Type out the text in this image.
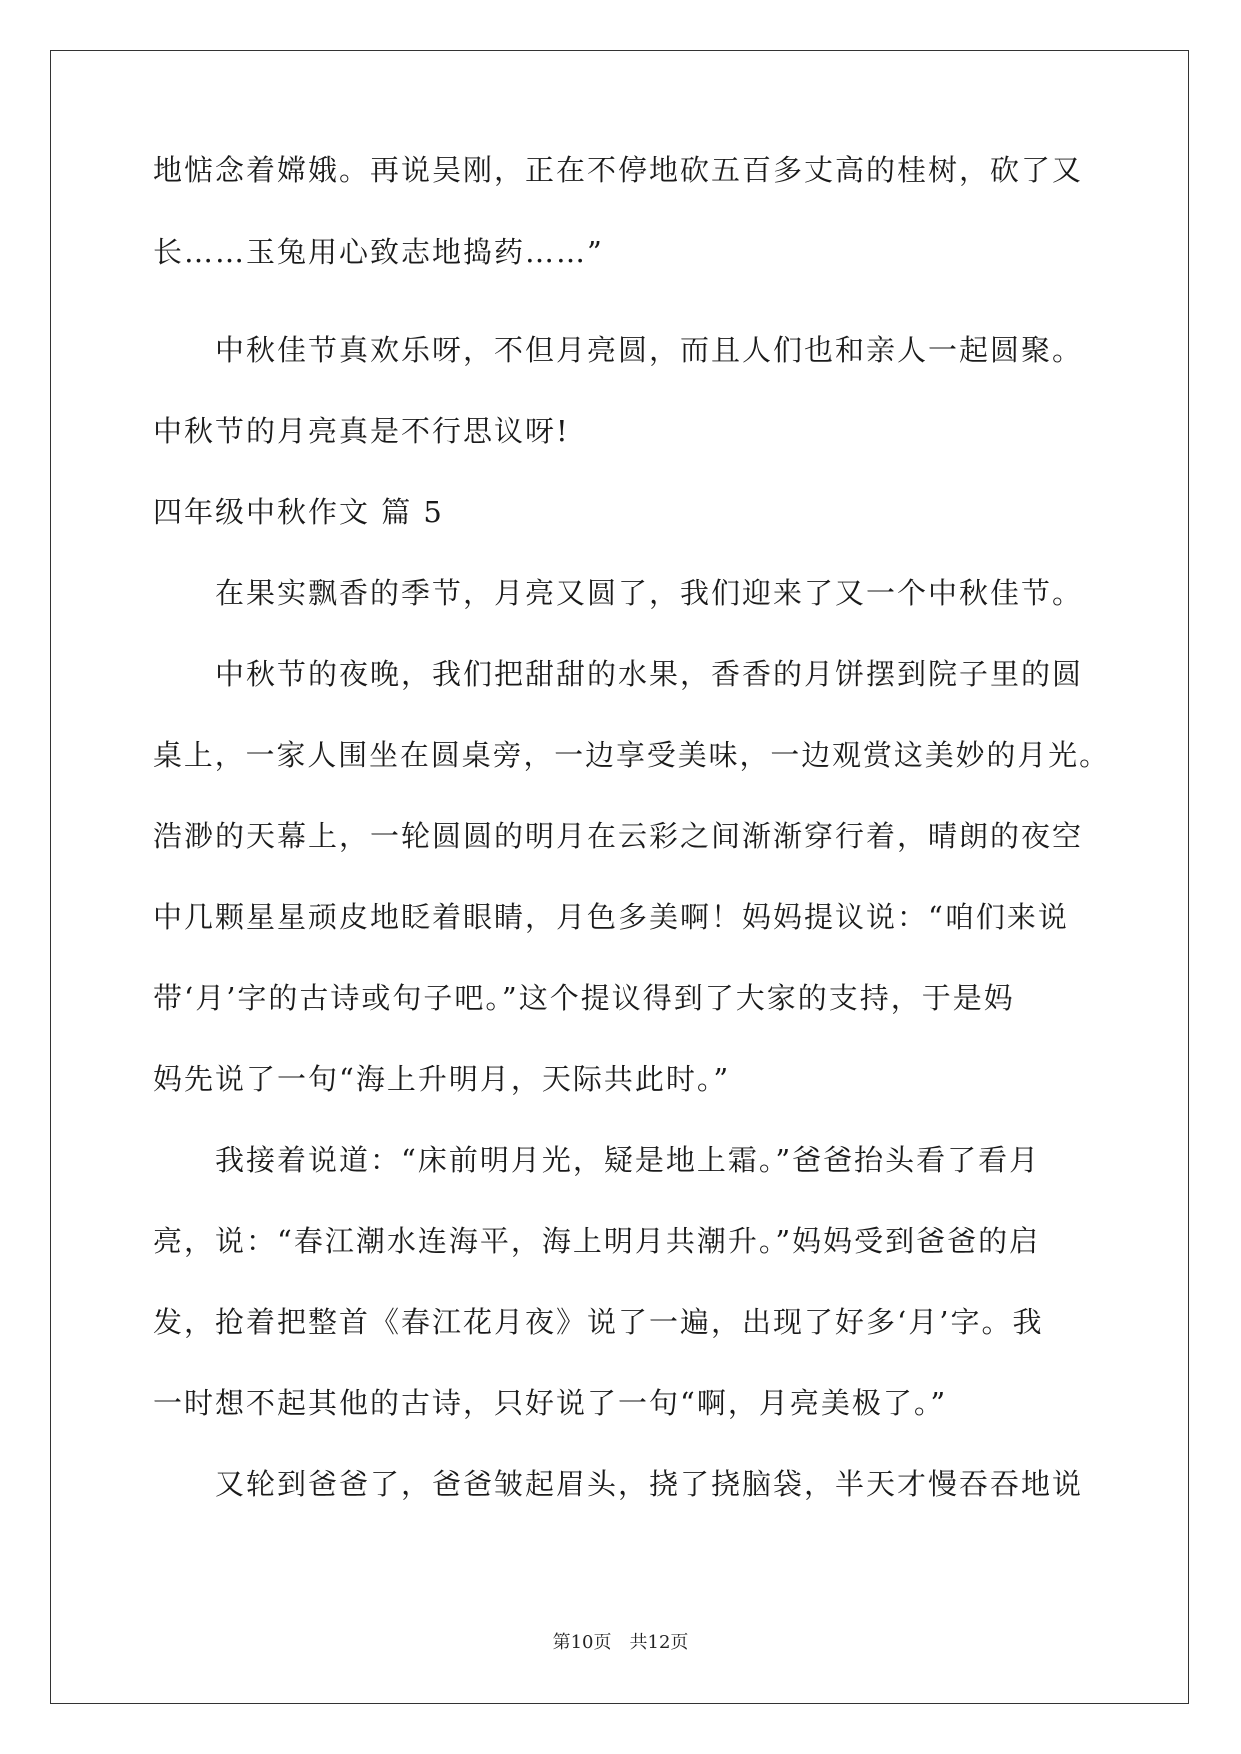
地惦念着嫦娥。再说吴刚，正在不停地砍五百多丈高的桂树，砍了又
长……玉兔用心致志地捣药……”
中秋佳节真欢乐呀，不但月亮圆，而且人们也和亲人一起圆聚。
中秋节的月亮真是不行思议呀!
四年级中秋作文 篇 5
在果实飘香的季节，月亮又圆了，我们迎来了又一个中秋佳节。
中秋节的夜晚，我们把甜甜的水果，香香的月饼摆到院子里的圆
桌上，一家人围坐在圆桌旁，一边享受美味，一边观赏这美妙的月光。
浩渺的天幕上，一轮圆圆的明月在云彩之间渐渐穿行着，晴朗的夜空
中几颗星星顽皮地眨着眼睛，月色多美啊！妈妈提议说：“咱们来说
带‘月’字的古诗或句子吧。”这个提议得到了大家的支持，于是妈
妈先说了一句“海上升明月，天际共此时。”
我接着说道：“床前明月光，疑是地上霜。”爸爸抬头看了看月
亮，说：“春江潮水连海平，海上明月共潮升。”妈妈受到爸爸的启
发，抢着把整首《春江花月夜》说了一遍，出现了好多‘月’字。我
一时想不起其他的古诗，只好说了一句“啊，月亮美极了。”
又轮到爸爸了，爸爸皱起眉头，挠了挠脑袋，半天才慢吞吞地说
第10页　共12页
